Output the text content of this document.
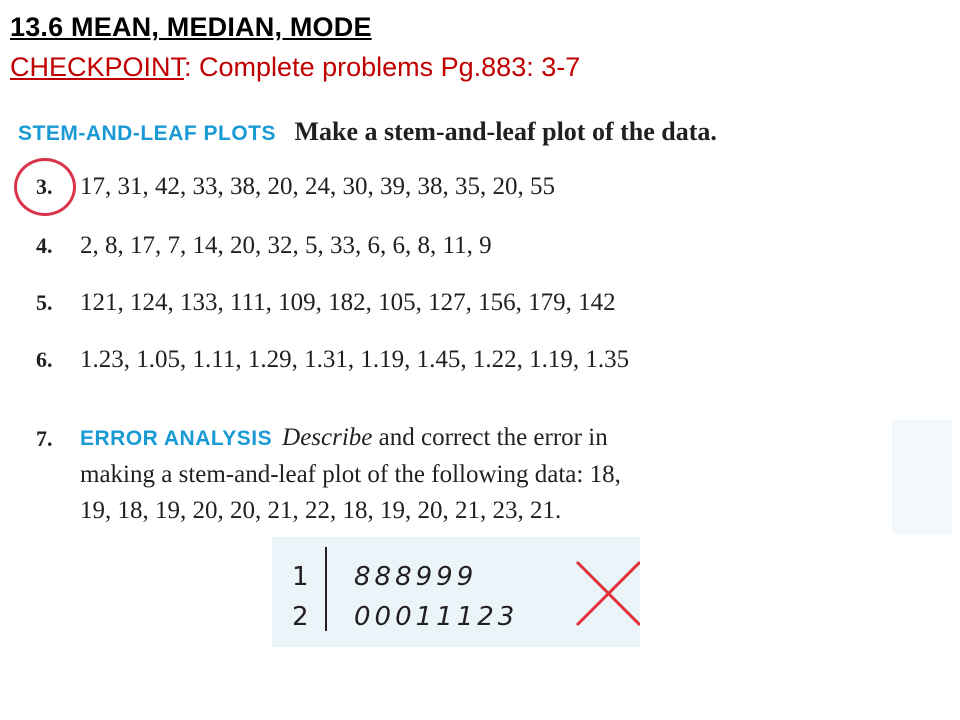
13.6 MEAN, MEDIAN, MODE
CHECKPOINT: Complete problems Pg.883: 3-7
STEM-AND-LEAF PLOTS Make a stem-and-leaf plot of the data.
3. 17, 31, 42, 33, 38, 20, 24, 30, 39, 38, 35, 20, 55
4. 2, 8, 17, 7, 14, 20, 32, 5, 33, 6, 6, 8, 11, 9
5. 121, 124, 133, 111, 109, 182, 105, 127, 156, 179, 142
6. 1.23, 1.05, 1.11, 1.29, 1.31, 1.19, 1.45, 1.22, 1.19, 1.35
7. ERROR ANALYSIS Describe and correct the error in
making a stem-and-leaf plot of the following data: 18,
19, 18, 19, 20, 20, 21, 22, 18, 19, 20, 21, 23, 21.
1
2
888999
00011123
